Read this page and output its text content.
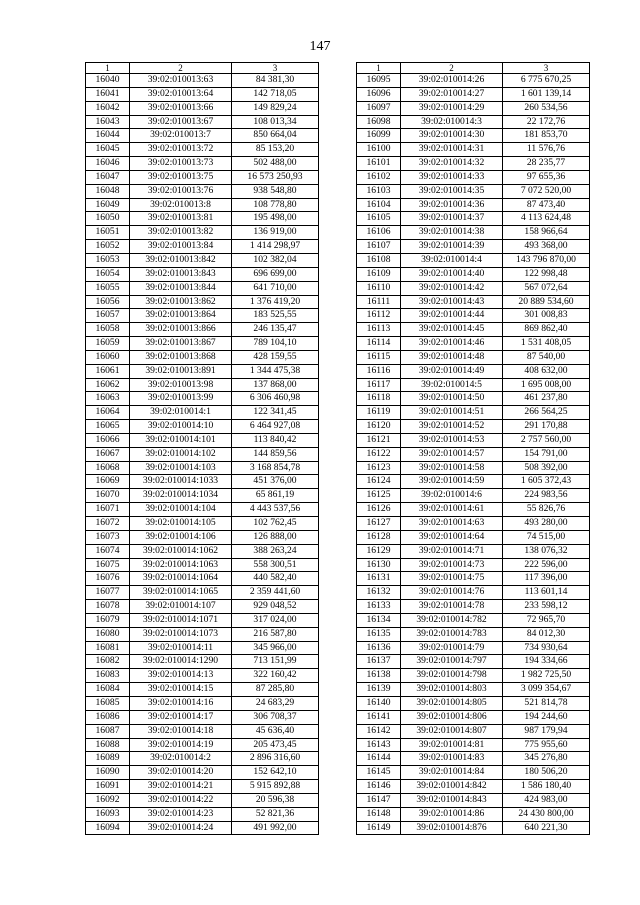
147
1	2	3
16040	39:02:010013:63	84 381,30
16041	39:02:010013:64	142 718,05
16042	39:02:010013:66	149 829,24
16043	39:02:010013:67	108 013,34
16044	39:02:010013:7	850 664,04
16045	39:02:010013:72	85 153,20
16046	39:02:010013:73	502 488,00
16047	39:02:010013:75	16 573 250,93
16048	39:02:010013:76	938 548,80
16049	39:02:010013:8	108 778,80
16050	39:02:010013:81	195 498,00
16051	39:02:010013:82	136 919,00
16052	39:02:010013:84	1 414 298,97
16053	39:02:010013:842	102 382,04
16054	39:02:010013:843	696 699,00
16055	39:02:010013:844	641 710,00
16056	39:02:010013:862	1 376 419,20
16057	39:02:010013:864	183 525,55
16058	39:02:010013:866	246 135,47
16059	39:02:010013:867	789 104,10
16060	39:02:010013:868	428 159,55
16061	39:02:010013:891	1 344 475,38
16062	39:02:010013:98	137 868,00
16063	39:02:010013:99	6 306 460,98
16064	39:02:010014:1	122 341,45
16065	39:02:010014:10	6 464 927,08
16066	39:02:010014:101	113 840,42
16067	39:02:010014:102	144 859,56
16068	39:02:010014:103	3 168 854,78
16069	39:02:010014:1033	451 376,00
16070	39:02:010014:1034	65 861,19
16071	39:02:010014:104	4 443 537,56
16072	39:02:010014:105	102 762,45
16073	39:02:010014:106	126 888,00
16074	39:02:010014:1062	388 263,24
16075	39:02:010014:1063	558 300,51
16076	39:02:010014:1064	440 582,40
16077	39:02:010014:1065	2 359 441,60
16078	39:02:010014:107	929 048,52
16079	39:02:010014:1071	317 024,00
16080	39:02:010014:1073	216 587,80
16081	39:02:010014:11	345 966,00
16082	39:02:010014:1290	713 151,99
16083	39:02:010014:13	322 160,42
16084	39:02:010014:15	87 285,80
16085	39:02:010014:16	24 683,29
16086	39:02:010014:17	306 708,37
16087	39:02:010014:18	45 636,40
16088	39:02:010014:19	205 473,45
16089	39:02:010014:2	2 896 316,60
16090	39:02:010014:20	152 642,10
16091	39:02:010014:21	5 915 892,88
16092	39:02:010014:22	20 596,38
16093	39:02:010014:23	52 821,36
16094	39:02:010014:24	491 992,00
1	2	3
16095	39:02:010014:26	6 775 670,25
16096	39:02:010014:27	1 601 139,14
16097	39:02:010014:29	260 534,56
16098	39:02:010014:3	22 172,76
16099	39:02:010014:30	181 853,70
16100	39:02:010014:31	11 576,76
16101	39:02:010014:32	28 235,77
16102	39:02:010014:33	97 655,36
16103	39:02:010014:35	7 072 520,00
16104	39:02:010014:36	87 473,40
16105	39:02:010014:37	4 113 624,48
16106	39:02:010014:38	158 966,64
16107	39:02:010014:39	493 368,00
16108	39:02:010014:4	143 796 870,00
16109	39:02:010014:40	122 998,48
16110	39:02:010014:42	567 072,64
16111	39:02:010014:43	20 889 534,60
16112	39:02:010014:44	301 008,83
16113	39:02:010014:45	869 862,40
16114	39:02:010014:46	1 531 408,05
16115	39:02:010014:48	87 540,00
16116	39:02:010014:49	408 632,00
16117	39:02:010014:5	1 695 008,00
16118	39:02:010014:50	461 237,80
16119	39:02:010014:51	266 564,25
16120	39:02:010014:52	291 170,88
16121	39:02:010014:53	2 757 560,00
16122	39:02:010014:57	154 791,00
16123	39:02:010014:58	508 392,00
16124	39:02:010014:59	1 605 372,43
16125	39:02:010014:6	224 983,56
16126	39:02:010014:61	55 826,76
16127	39:02:010014:63	493 280,00
16128	39:02:010014:64	74 515,00
16129	39:02:010014:71	138 076,32
16130	39:02:010014:73	222 596,00
16131	39:02:010014:75	117 396,00
16132	39:02:010014:76	113 601,14
16133	39:02:010014:78	233 598,12
16134	39:02:010014:782	72 965,70
16135	39:02:010014:783	84 012,30
16136	39:02:010014:79	734 930,64
16137	39:02:010014:797	194 334,66
16138	39:02:010014:798	1 982 725,50
16139	39:02:010014:803	3 099 354,67
16140	39:02:010014:805	521 814,78
16141	39:02:010014:806	194 244,60
16142	39:02:010014:807	987 179,94
16143	39:02:010014:81	775 955,60
16144	39:02:010014:83	345 276,80
16145	39:02:010014:84	180 506,20
16146	39:02:010014:842	1 586 180,40
16147	39:02:010014:843	424 983,00
16148	39:02:010014:86	24 430 800,00
16149	39:02:010014:876	640 221,30
